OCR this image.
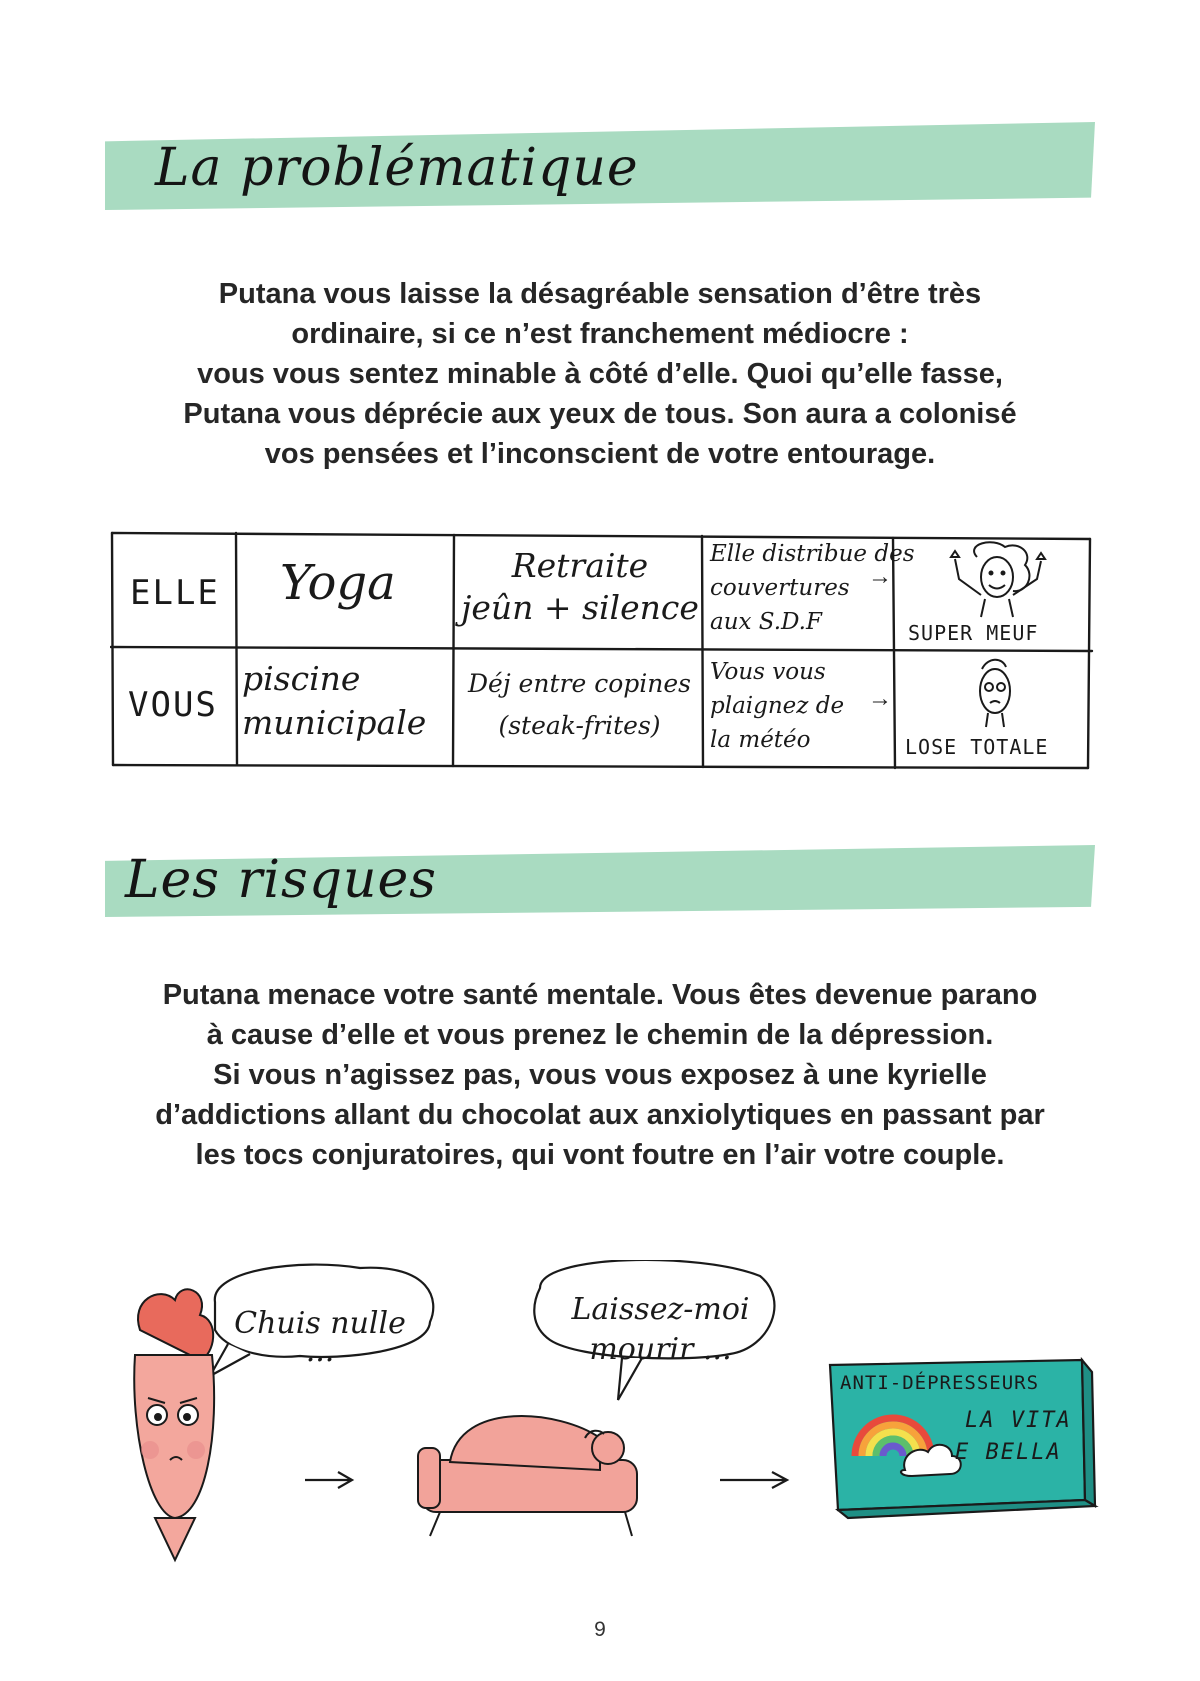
La problématique
Putana vous laisse la désagréable sensation d’être très
ordinaire, si ce n’est franchement médiocre :
vous vous sentez minable à côté d’elle. Quoi qu’elle fasse,
Putana vous déprécie aux yeux de tous. Son aura a colonisé
vos pensées et l’inconscient de votre entourage.
ELLE Yoga	Retraite
jeûn + silence
Elle distribue des
couvertures
aux S.D.F
→
SUPER MEUF
VOUS
piscine
municipale
Déj entre copines
(steak-frites)
Vous vous
plaignez de
la météo
→
LOSE TOTALE
Les risques
Putana menace votre santé mentale. Vous êtes devenue parano
à cause d’elle et vous prenez le chemin de la dépression.
Si vous n’agissez pas, vous vous exposez à une kyrielle
d’addictions allant du chocolat aux anxiolytiques en passant par
les tocs conjuratoires, qui vont foutre en l’air votre couple.
Chuis nulle
...
Laissez-moi
mourir ...
ANTI-DÉPRESSEURS
LA VITA
E BELLA
9
